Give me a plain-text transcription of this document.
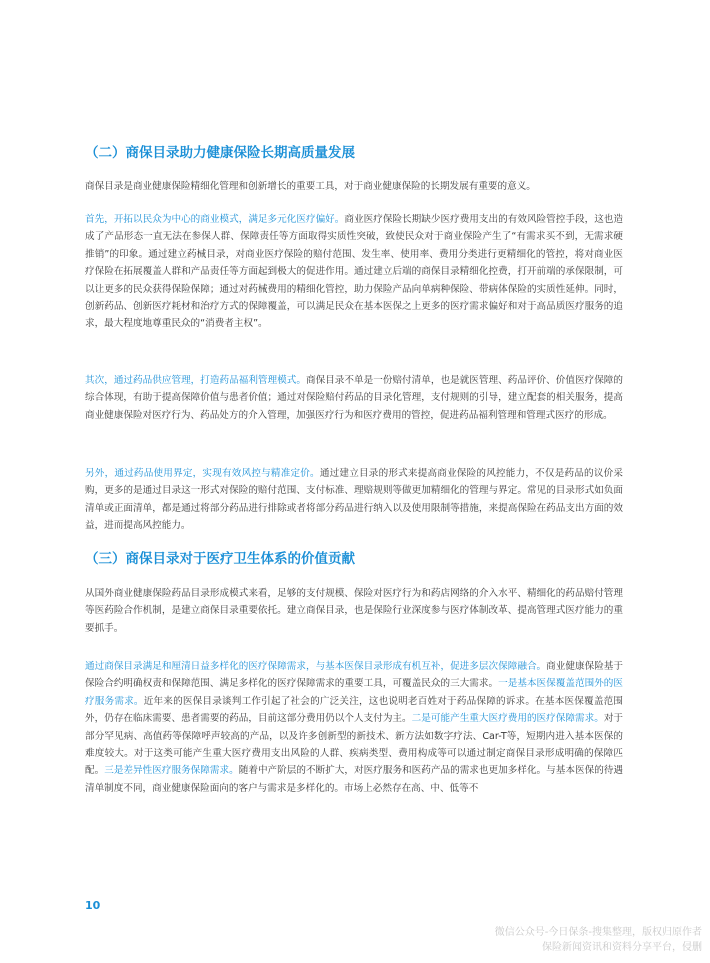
（二）商保目录助力健康保险长期高质量发展
商保目录是商业健康保险精细化管理和创新增长的重要工具，对于商业健康保险的长期发展有重要的意义。
首先，开拓以民众为中心的商业模式，满足多元化医疗偏好。商业医疗保险长期缺少医疗费用支出的有效风险管控手段，这也造成了产品形态一直无法在参保人群、保障责任等方面取得实质性突破，致使民众对于商业保险产生了“有需求买不到，无需求硬推销”的印象。通过建立药械目录，对商业医疗保险的赔付范围、发生率、使用率、费用分类进行更精细化的管控，将对商业医疗保险在拓展覆盖人群和产品责任等方面起到极大的促进作用。通过建立后端的商保目录精细化控费，打开前端的承保限制，可以让更多的民众获得保险保障；通过对药械费用的精细化管控，助力保险产品向单病种保险、带病体保险的实质性延伸。同时，创新药品、创新医疗耗材和治疗方式的保障覆盖，可以满足民众在基本医保之上更多的医疗需求偏好和对于高品质医疗服务的追求，最大程度地尊重民众的“消费者主权”。
其次，通过药品供应管理，打造药品福利管理模式。商保目录不单是一份赔付清单，也是就医管理、药品评价、价值医疗保障的综合体现，有助于提高保障价值与患者价值；通过对保险赔付药品的目录化管理，支付规则的引导，建立配套的相关服务，提高商业健康保险对医疗行为、药品处方的介入管理，加强医疗行为和医疗费用的管控，促进药品福利管理和管理式医疗的形成。
另外，通过药品使用界定，实现有效风控与精准定价。通过建立目录的形式来提高商业保险的风控能力，不仅是药品的议价采购，更多的是通过目录这一形式对保险的赔付范围、支付标准、理赔规则等做更加精细化的管理与界定。常见的目录形式如负面清单或正面清单，都是通过将部分药品进行排除或者将部分药品进行纳入以及使用限制等措施，来提高保险在药品支出方面的效益，进而提高风控能力。
（三）商保目录对于医疗卫生体系的价值贡献
从国外商业健康保险药品目录形成模式来看，足够的支付规模、保险对医疗行为和药店网络的介入水平、精细化的药品赔付管理等医药险合作机制，是建立商保目录重要依托。建立商保目录，也是保险行业深度参与医疗体制改革、提高管理式医疗能力的重要抓手。
通过商保目录满足和厘清日益多样化的医疗保障需求，与基本医保目录形成有机互补，促进多层次保障融合。商业健康保险基于保险合约明确权责和保障范围、满足多样化的医疗保障需求的重要工具，可覆盖民众的三大需求。一是基本医保覆盖范围外的医疗服务需求。近年来的医保目录谈判工作引起了社会的广泛关注，这也说明老百姓对于药品保障的诉求。在基本医保覆盖范围外，仍存在临床需要、患者需要的药品，目前这部分费用仍以个人支付为主。二是可能产生重大医疗费用的医疗保障需求。对于部分罕见病、高值药等保障呼声较高的产品，以及许多创新型的新技术、新方法如数字疗法、Car-T等，短期内进入基本医保的难度较大。对于这类可能产生重大医疗费用支出风险的人群、疾病类型、费用构成等可以通过制定商保目录形成明确的保障匹配。三是差异性医疗服务保障需求。随着中产阶层的不断扩大，对医疗服务和医药产品的需求也更加多样化。与基本医保的待遇清单制度不同，商业健康保险面向的客户与需求是多样化的。市场上必然存在高、中、低等不
10
微信公众号-今日保条-搜集整理，版权归原作者
保险新闻资讯和资料分享平台，侵删
